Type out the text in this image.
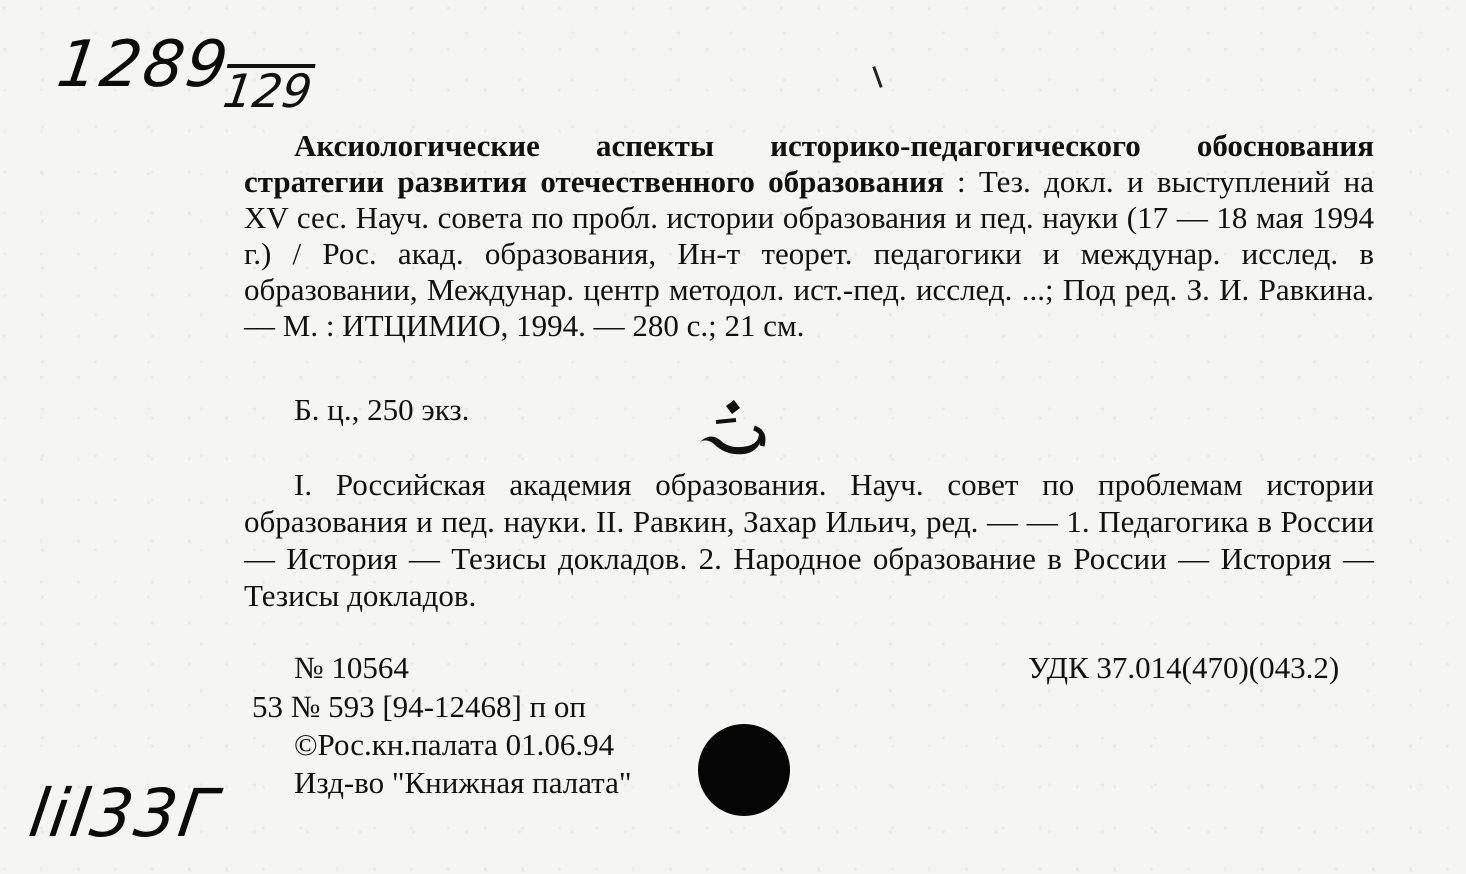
1289
129

Аксиологические аспекты историко-педагогического обоснования стратегии развития отечественного образования : Тез. докл. и выступлений на XV сес. Науч. совета по пробл. истории образования и пед. науки (17 — 18 мая 1994 г.) / Рос. акад. образования, Ин-т теорет. педагогики и междунар. исслед. в образовании, Междунар. центр методол. ист.-пед. исслед. ...; Под ред. З. И. Равкина. — М. : ИТЦИМИО, 1994. — 280 с.; 21 см.

Б. ц., 250 экз.

I. Российская академия образования. Науч. совет по проблемам истории образования и пед. науки. II. Равкин, Захар Ильич, ред. — — 1. Педагогика в России — История — Тезисы докладов. 2. Народное образование в России — История — Тезисы докладов.

№ 10564	УДК 37.014(470)(043.2)
53 № 593 [94-12468] п оп
©Рос.кн.палата 01.06.94
Изд-во "Книжная палата"
lil33Г
